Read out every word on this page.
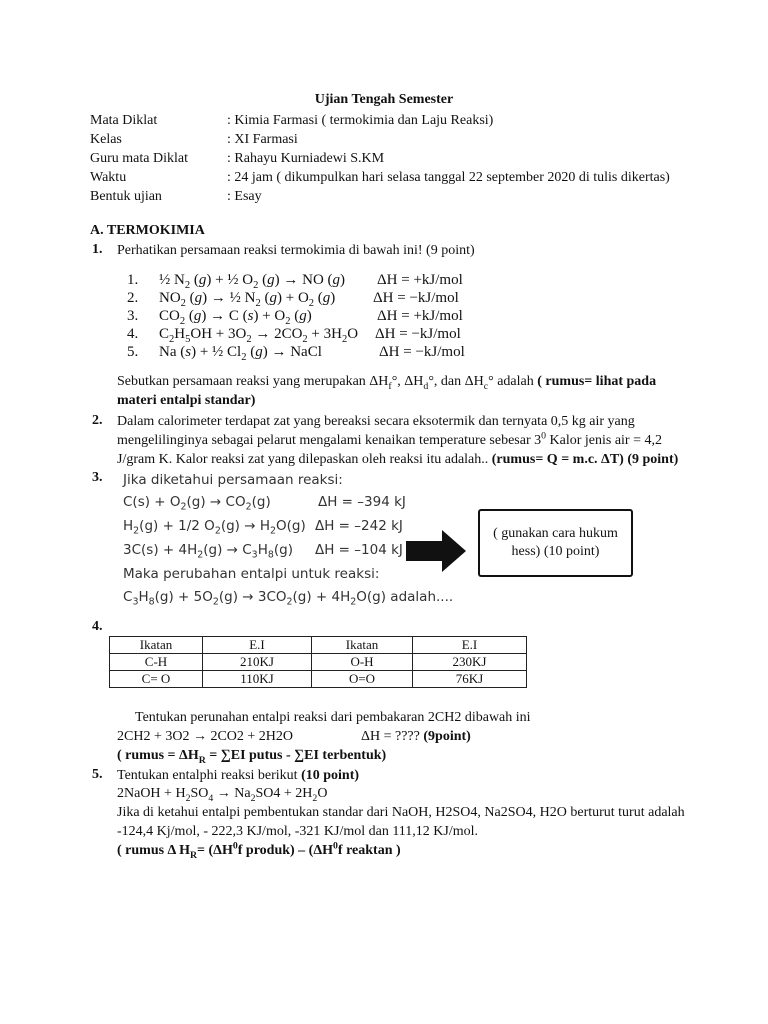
Ujian Tengah Semester
Mata Diklat	: Kimia Farmasi ( termokimia dan Laju Reaksi)
Kelas	: XI Farmasi
Guru mata Diklat	: Rahayu Kurniadewi S.KM
Waktu	: 24 jam ( dikumpulkan hari selasa tanggal 22 september 2020 di tulis dikertas)
Bentuk ujian	: Esay
A. TERMOKIMIA
1. Perhatikan persamaan reaksi termokimia di bawah ini! (9 point)
1. ½ $N_2$ (g) + ½ $O_2$ (g) → NO (g) ΔH = +kJ/mol
2. $NO_2$ (g) → ½ $N_2$ $(g) + O_2$ (g)	ΔH = −kJ/mol
3. $CO_2$ (g) → C $(s) + O_2$ (g)	ΔH = +kJ/mol
4. $C_2H_5OH + 3O_2 \to 2CO_2 + 3H_2O$ ΔH = −kJ/mol
5. Na (s) + ½ $Cl_2$ (g) → NaCl	ΔH = −kJ/mol
Sebutkan persamaan reaksi yang merupakan $\Delta H_f^\circ$, $\Delta H_d^\circ$, dan $\Delta H_c^\circ$ adalah ( rumus= lihat pada
materi entalpi standar)
2. Dalam calorimeter terdapat zat yang bereaksi secara eksotermik dan ternyata 0,5 kg air yang
mengelilinginya sebagai pelarut mengalami kenaikan temperature sebesar $3^0$ Kalor jenis air = 4,2
J/gram K. Kalor reaksi zat yang dilepaskan oleh reaksi itu adalah.. (rumus= Q = m.c. ΔT) (9 point)
3. Jika diketahui persamaan reaksi:
$C(s) + O_2(g) \to CO_2(g)$	ΔH = –394 kJ
$H_2(g) + 1/2$ $O_2(g) \to H_2O(g) \Delta H = -242$ kJ
$3C(s) + 4H_2(g) \to C_3H_8(g) \Delta H = -104$ kJ
Maka perubahan entalpi untuk reaksi:
$C_3H_8(g) + 5O_2(g) \to 3CO_2(g) + 4H_2O(g)$ adalah....
( gunakan cara hukum
hess) (10 point)
4.
Ikatan	E.I	Ikatan	E.I
C-H	210KJ	O-H	230KJ
C= O	110KJ	O=O	76KJ
Tentukan perunahan entalpi reaksi dari pembakaran 2CH2 dibawah ini
2CH2 + 3O2 → 2CO2 + 2H2O	ΔH = ???? (9point)
( rumus = $\Delta H_R = \sum EI$ putus - ∑EI terbentuk)
5. Tentukan entalphi reaksi berikut (10 point)
2NaOH + $H_2SO_4 \to Na_2SO4 + 2H_2O$
Jika di ketahui entalpi pembentukan standar dari NaOH, H2SO4, Na2SO4, H2O berturut turut adalah
-124,4 Kj/mol, - 222,3 KJ/mol, -321 KJ/mol dan 111,12 KJ/mol.
( rumus Δ $H_R= (\Delta H^0f$ produk) – ($\Delta H^0f$ reaktan )
